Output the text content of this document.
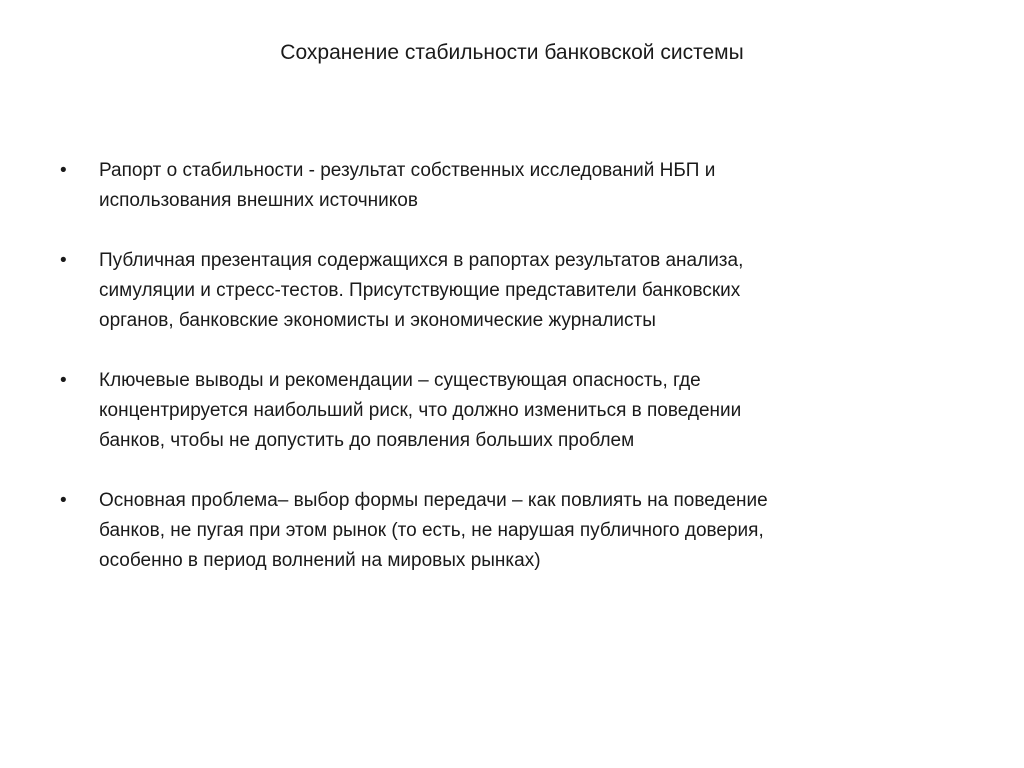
Сохранение стабильности банковской системы
•	Рапорт о стабильности - результат собственных исследований НБП и
использования внешних источников
•	Публичная презентация содержащихся в рапортах результатов анализа,
симуляции и стресс-тестов. Присутствующие представители банковских
органов, банковские экономисты и экономические журналисты
•	Ключевые выводы и рекомендации – существующая опасность, где
концентрируется наибольший риск, что должно измениться в поведении
банков, чтобы не допустить до появления больших проблем
•	Основная проблема– выбор формы передачи – как повлиять на поведение
банков, не пугая при этом рынок (то есть, не нарушая публичного доверия,
особенно в период волнений на мировых рынках)
